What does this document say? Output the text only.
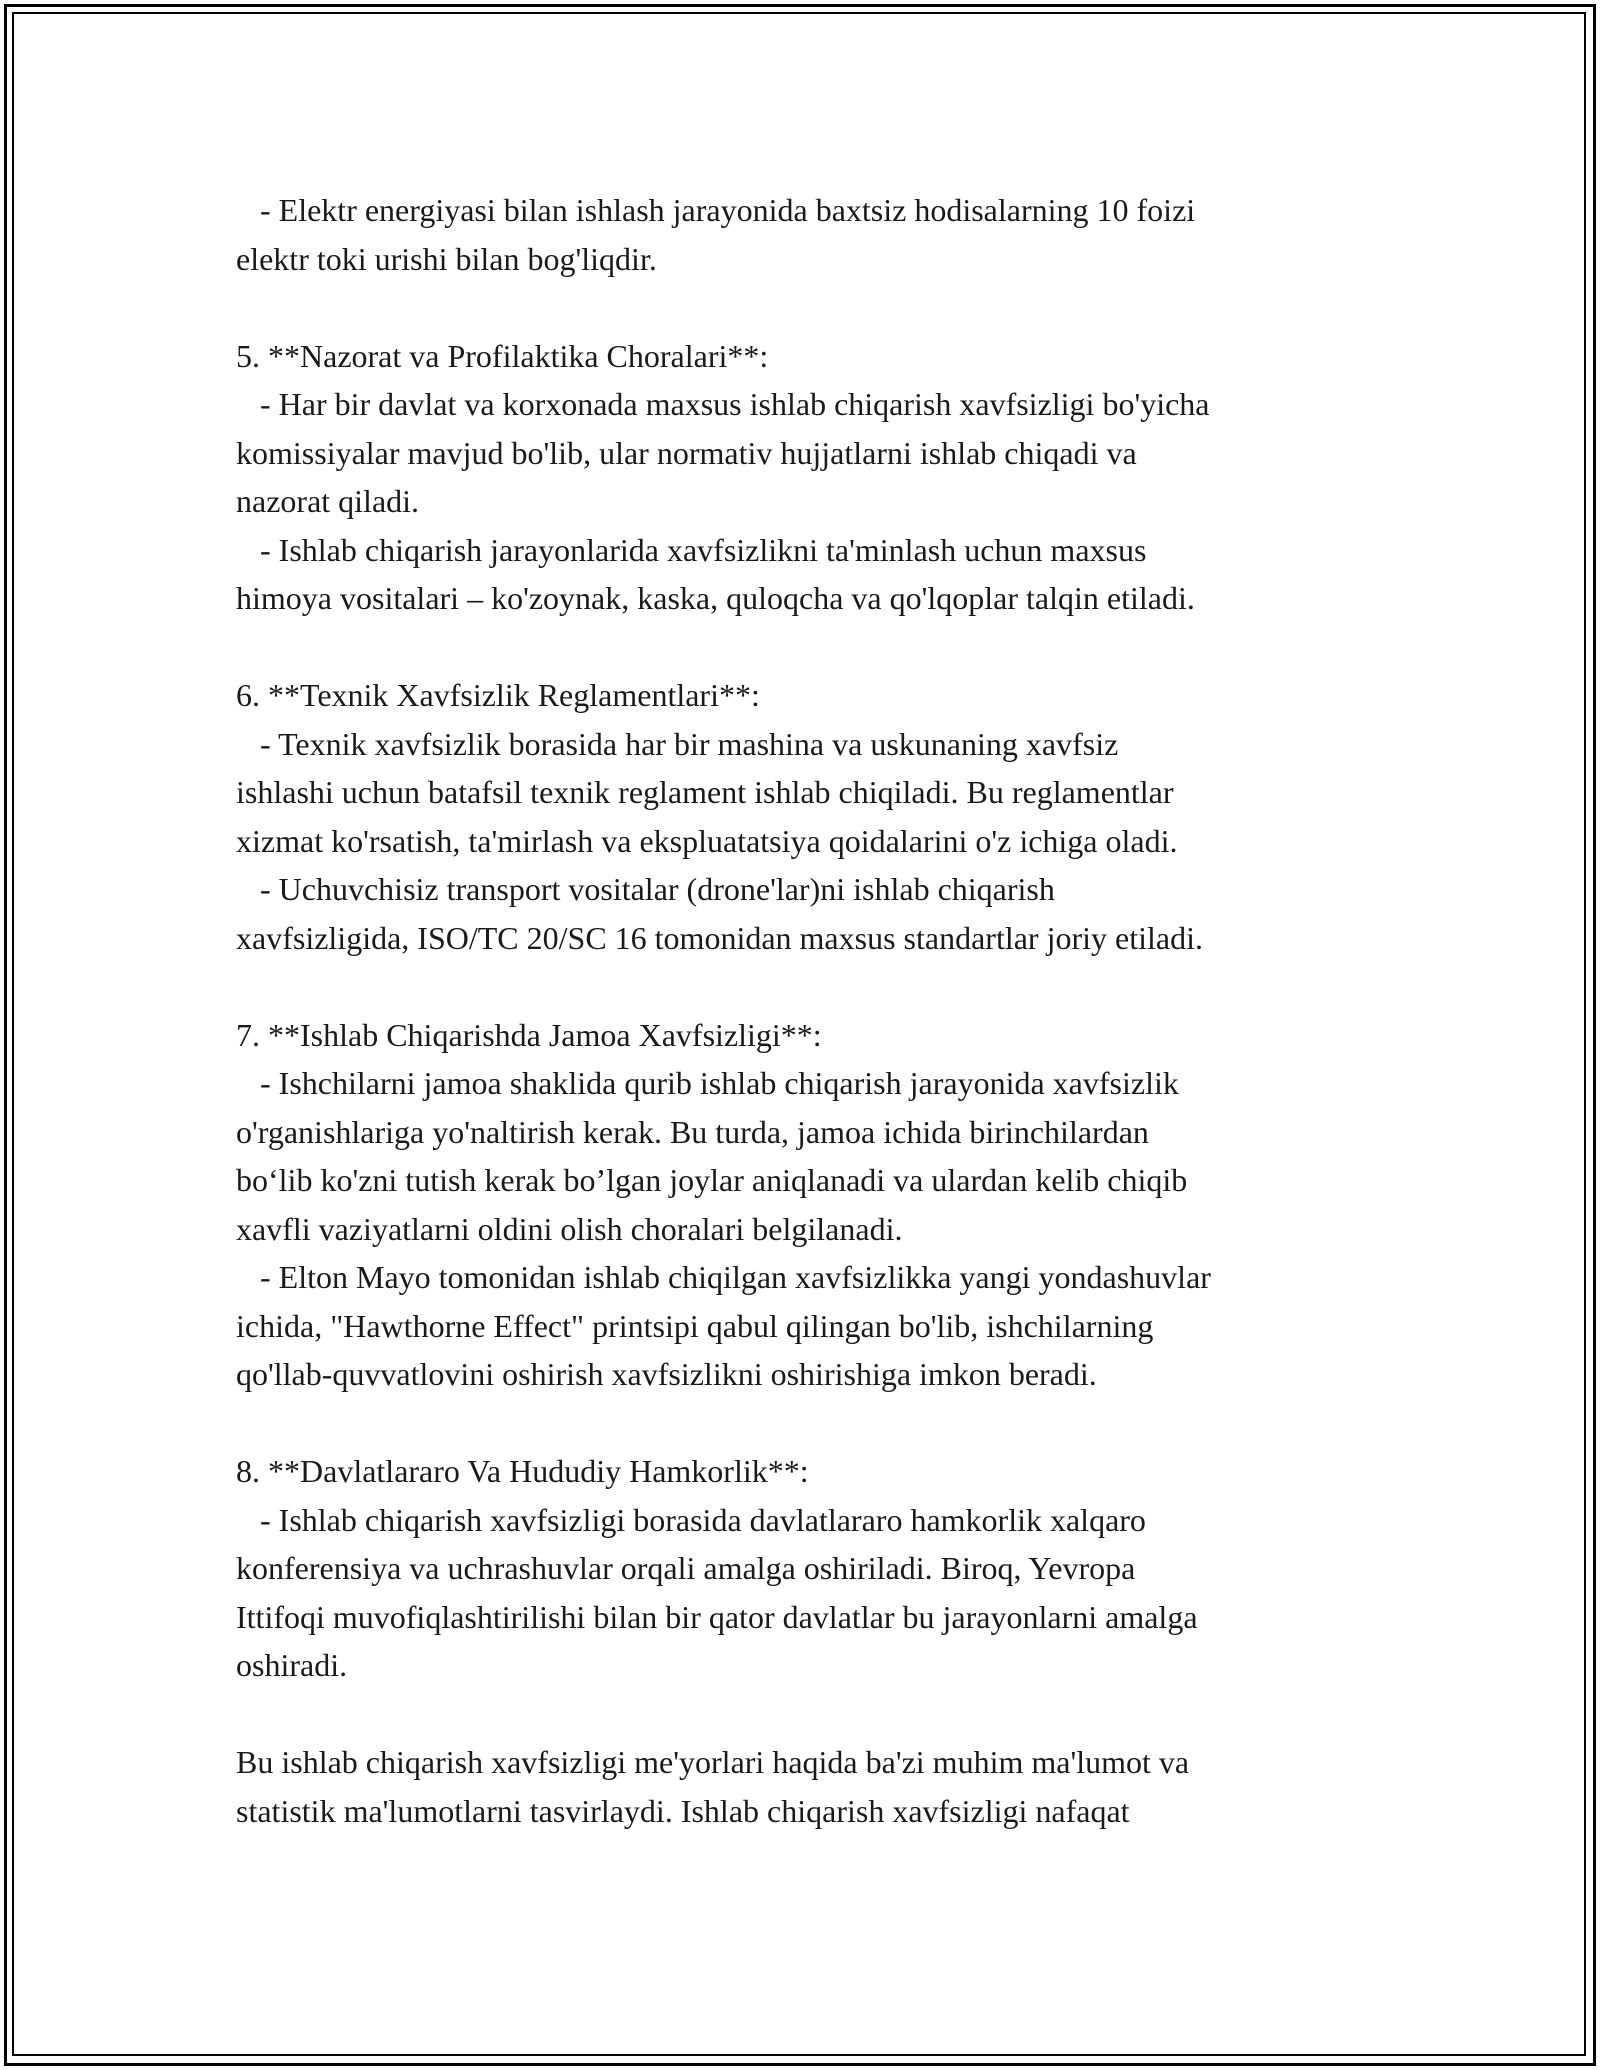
- Elektr energiyasi bilan ishlash jarayonida baxtsiz hodisalarning 10 foizi
elektr toki urishi bilan bog'liqdir.
5. **Nazorat va Profilaktika Choralari**:
- Har bir davlat va korxonada maxsus ishlab chiqarish xavfsizligi bo'yicha
komissiyalar mavjud bo'lib, ular normativ hujjatlarni ishlab chiqadi va
nazorat qiladi.
- Ishlab chiqarish jarayonlarida xavfsizlikni ta'minlash uchun maxsus
himoya vositalari – ko'zoynak, kaska, quloqcha va qo'lqoplar talqin etiladi.
6. **Texnik Xavfsizlik Reglamentlari**:
- Texnik xavfsizlik borasida har bir mashina va uskunaning xavfsiz
ishlashi uchun batafsil texnik reglament ishlab chiqiladi. Bu reglamentlar
xizmat ko'rsatish, ta'mirlash va ekspluatatsiya qoidalarini o'z ichiga oladi.
- Uchuvchisiz transport vositalar (drone'lar)ni ishlab chiqarish
xavfsizligida, ISO/TC 20/SC 16 tomonidan maxsus standartlar joriy etiladi.
7. **Ishlab Chiqarishda Jamoa Xavfsizligi**:
- Ishchilarni jamoa shaklida qurib ishlab chiqarish jarayonida xavfsizlik
o'rganishlariga yo'naltirish kerak. Bu turda, jamoa ichida birinchilardan
bo‘lib ko'zni tutish kerak bo’lgan joylar aniqlanadi va ulardan kelib chiqib
xavfli vaziyatlarni oldini olish choralari belgilanadi.
- Elton Mayo tomonidan ishlab chiqilgan xavfsizlikka yangi yondashuvlar
ichida, "Hawthorne Effect" printsipi qabul qilingan bo'lib, ishchilarning
qo'llab-quvvatlovini oshirish xavfsizlikni oshirishiga imkon beradi.
8. **Davlatlararo Va Hududiy Hamkorlik**:
- Ishlab chiqarish xavfsizligi borasida davlatlararo hamkorlik xalqaro
konferensiya va uchrashuvlar orqali amalga oshiriladi. Biroq, Yevropa
Ittifoqi muvofiqlashtirilishi bilan bir qator davlatlar bu jarayonlarni amalga
oshiradi.
Bu ishlab chiqarish xavfsizligi me'yorlari haqida ba'zi muhim ma'lumot va
statistik ma'lumotlarni tasvirlaydi. Ishlab chiqarish xavfsizligi nafaqat
